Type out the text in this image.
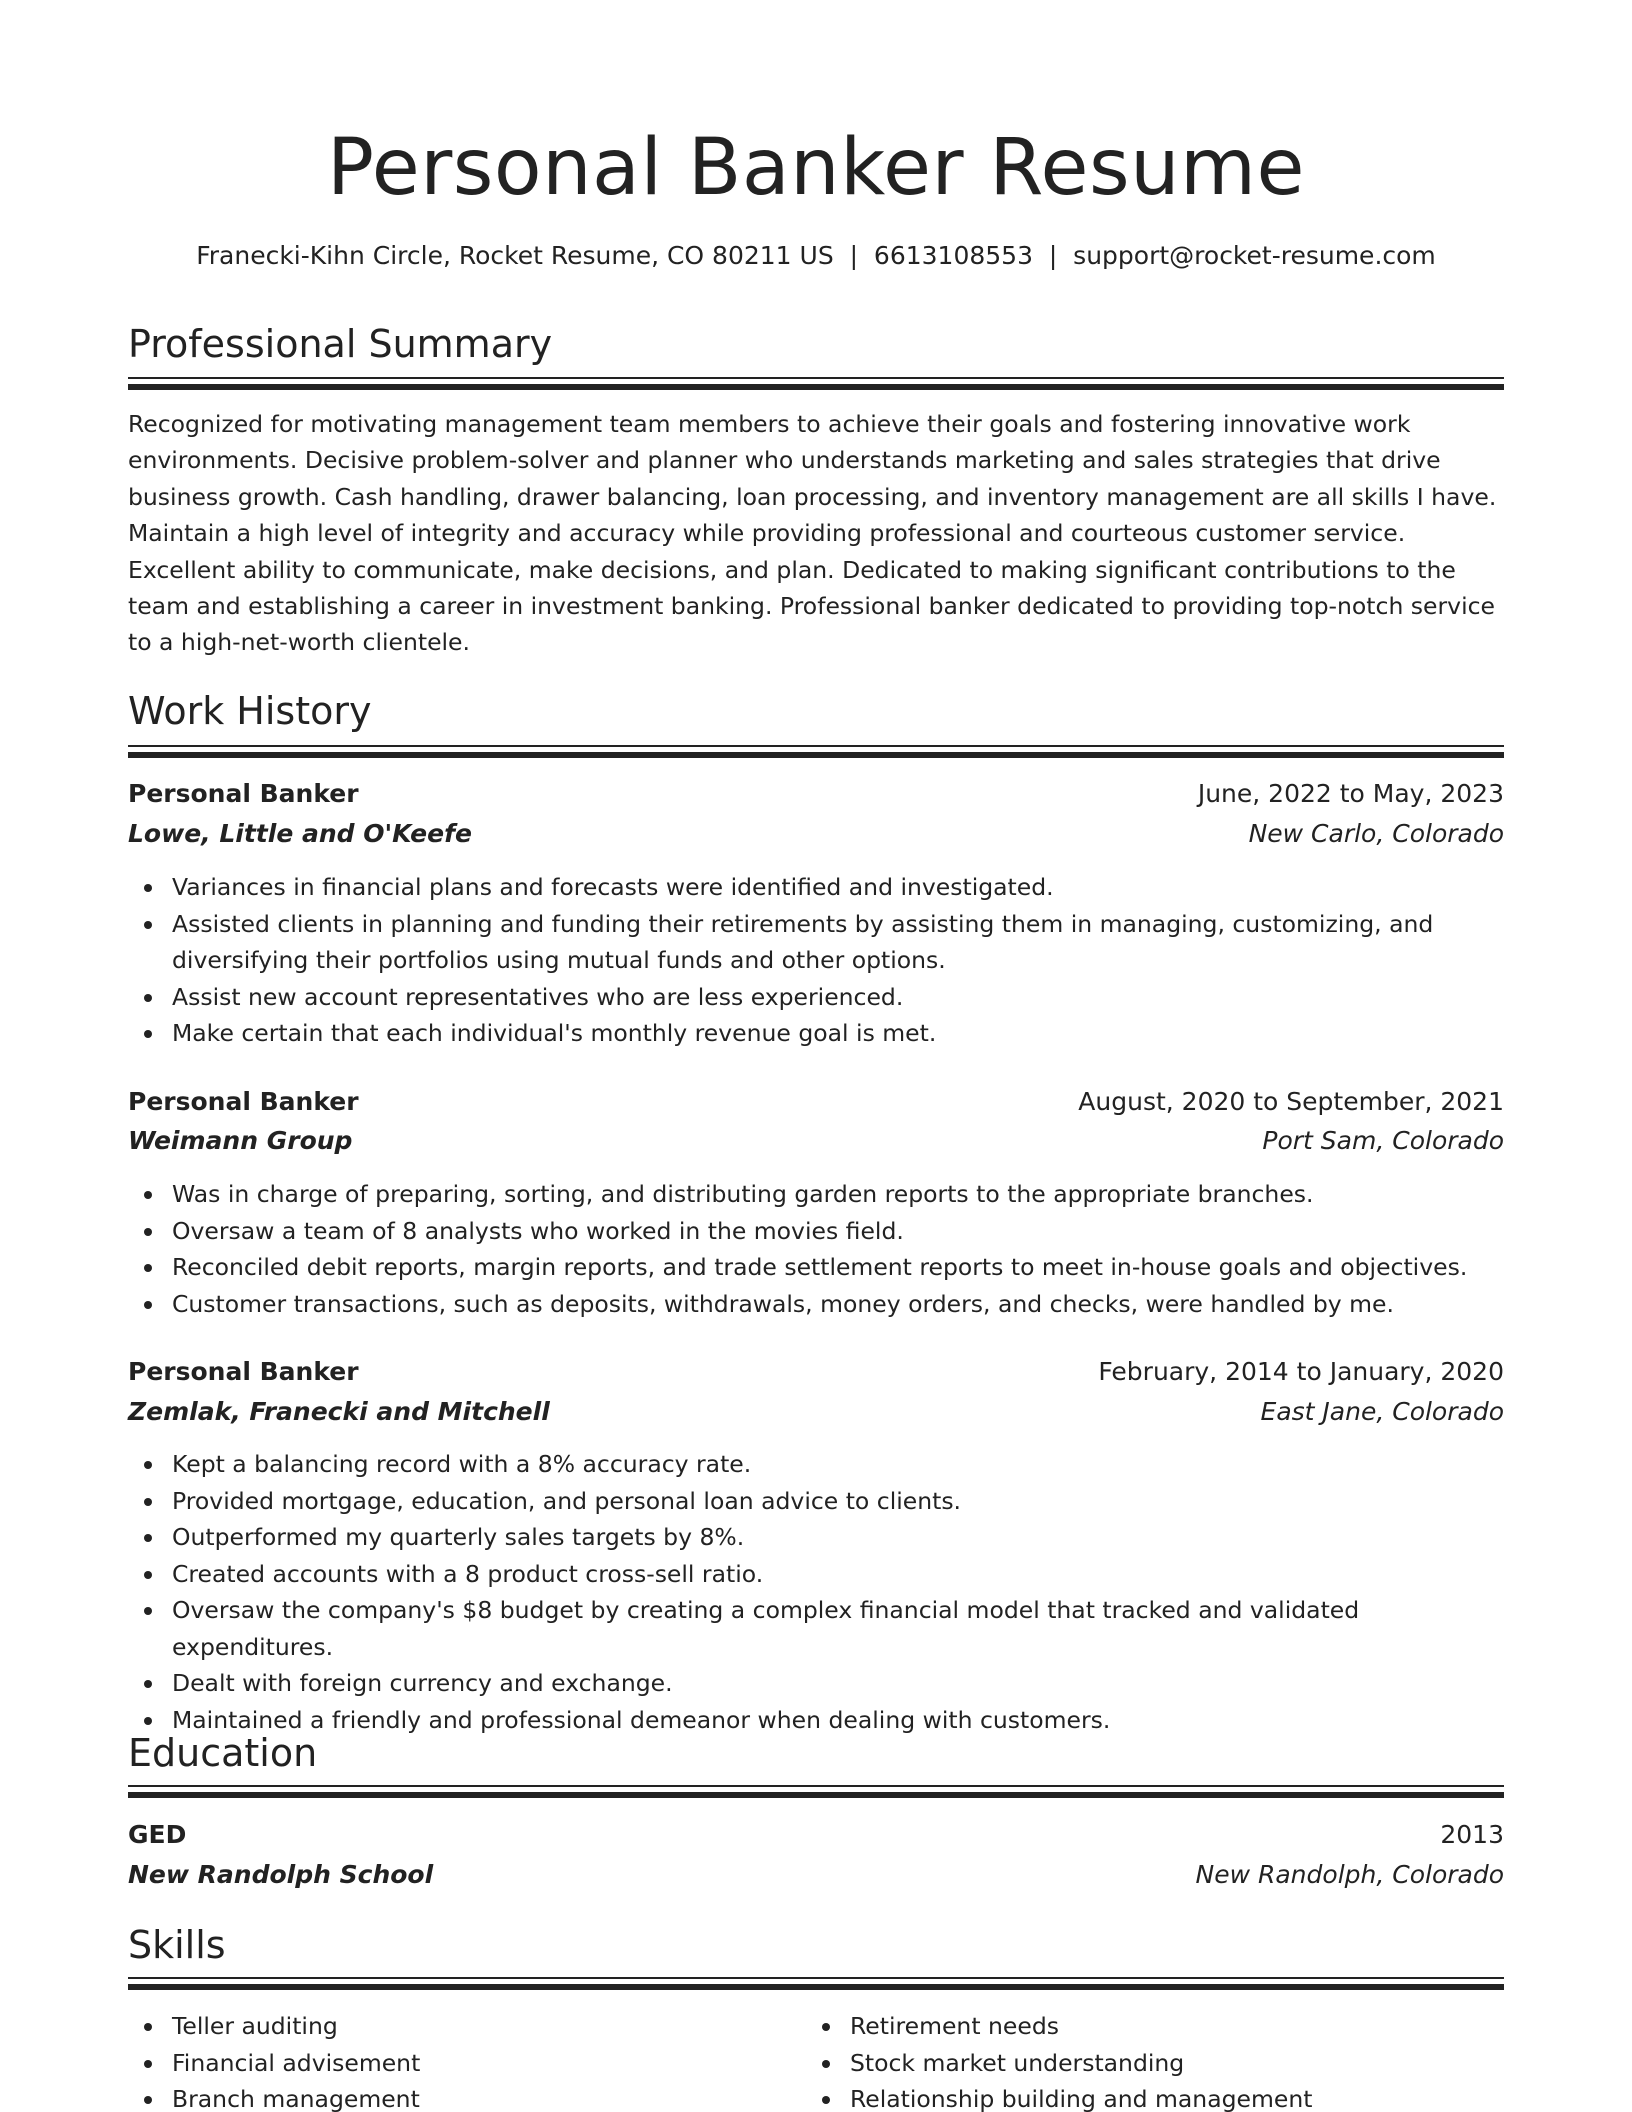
Personal Banker Resume
Franecki-Kihn Circle, Rocket Resume, CO 80211 US  |  6613108553  |  support@rocket-resume.com
Professional Summary
Recognized for motivating management team members to achieve their goals and fostering innovative work environments. Decisive problem-solver and planner who understands marketing and sales strategies that drive business growth. Cash handling, drawer balancing, loan processing, and inventory management are all skills I have. Maintain a high level of integrity and accuracy while providing professional and courteous customer service. Excellent ability to communicate, make decisions, and plan. Dedicated to making significant contributions to the team and establishing a career in investment banking. Professional banker dedicated to providing top-notch service to a high-net-worth clientele.
Work History
Personal Banker	June, 2022 to May, 2023
Lowe, Little and O'Keefe	New Carlo, Colorado
Variances in financial plans and forecasts were identified and investigated.
Assisted clients in planning and funding their retirements by assisting them in managing, customizing, and diversifying their portfolios using mutual funds and other options.
Assist new account representatives who are less experienced.
Make certain that each individual's monthly revenue goal is met.
Personal Banker	August, 2020 to September, 2021
Weimann Group	Port Sam, Colorado
Was in charge of preparing, sorting, and distributing garden reports to the appropriate branches.
Oversaw a team of 8 analysts who worked in the movies field.
Reconciled debit reports, margin reports, and trade settlement reports to meet in-house goals and objectives.
Customer transactions, such as deposits, withdrawals, money orders, and checks, were handled by me.
Personal Banker	February, 2014 to January, 2020
Zemlak, Franecki and Mitchell	East Jane, Colorado
Kept a balancing record with a 8% accuracy rate.
Provided mortgage, education, and personal loan advice to clients.
Outperformed my quarterly sales targets by 8%.
Created accounts with a 8 product cross-sell ratio.
Oversaw the company's $8 budget by creating a complex financial model that tracked and validated expenditures.
Dealt with foreign currency and exchange.
Maintained a friendly and professional demeanor when dealing with customers.
Education
GED	2013
New Randolph School	New Randolph, Colorado
Skills
Teller auditing
Financial advisement
Branch management
Retirement needs
Stock market understanding
Relationship building and management
